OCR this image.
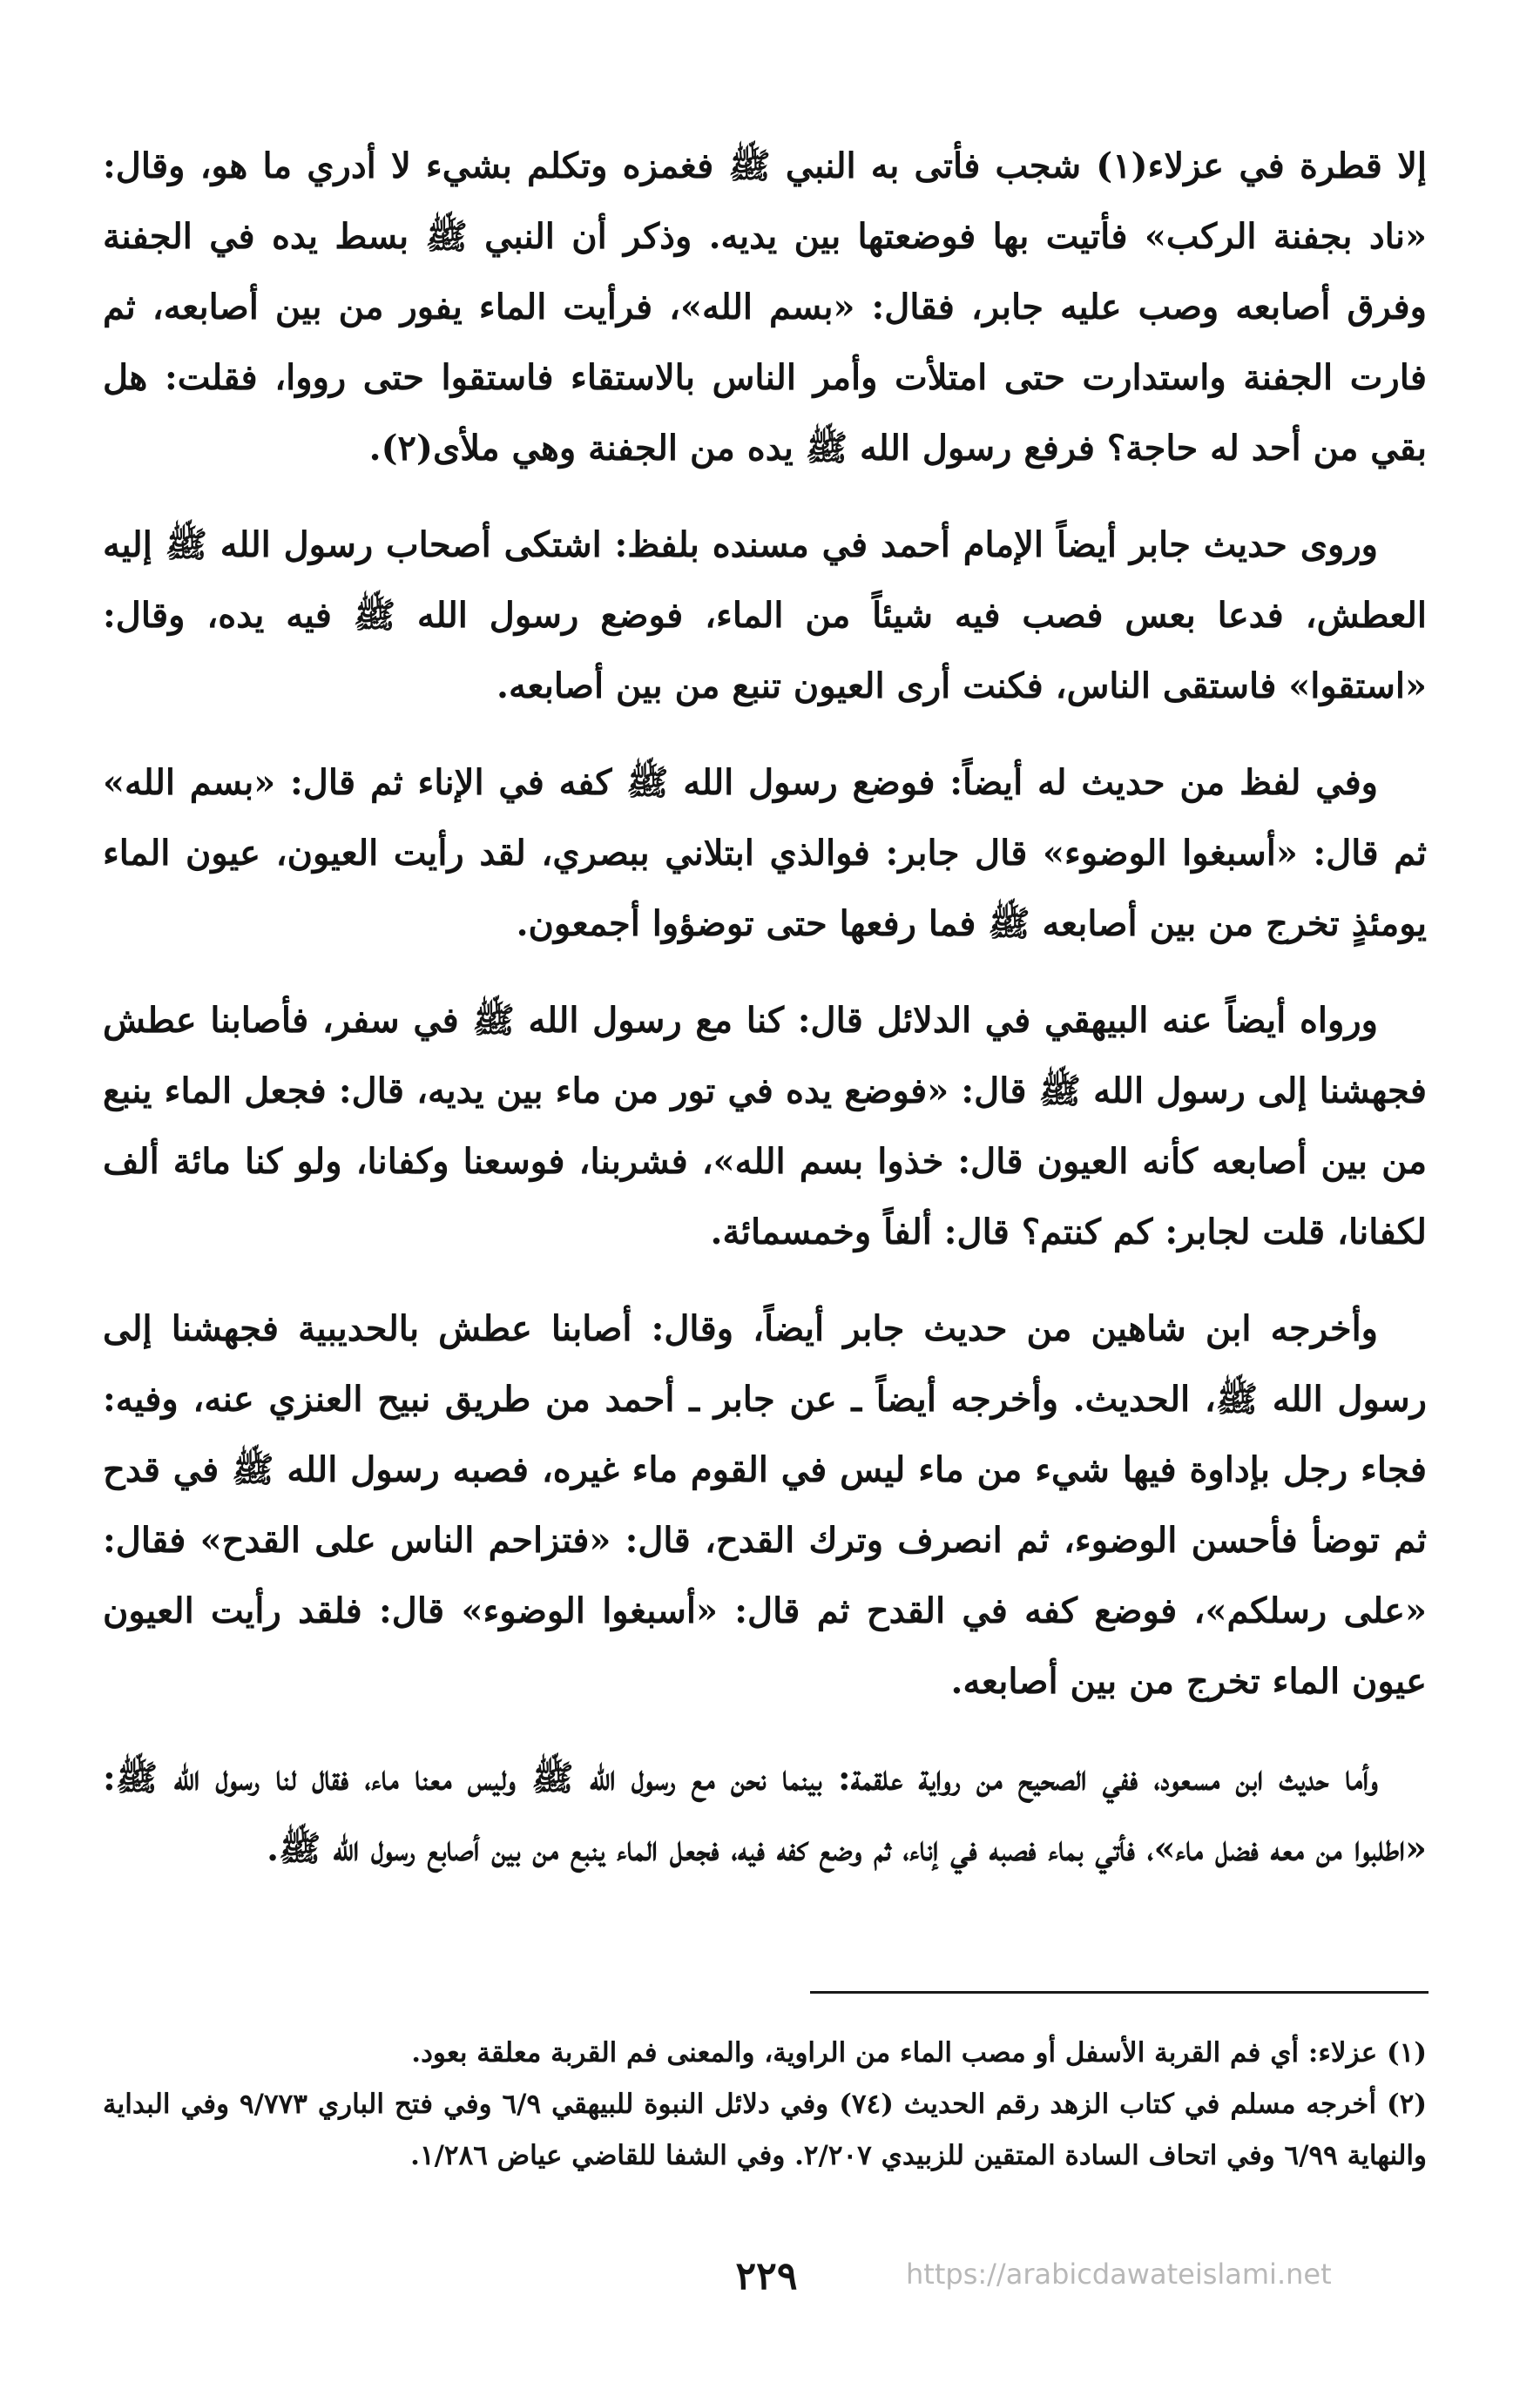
إلا قطرة في عزلاء(١) شجب فأتى به النبي ﷺ فغمزه وتكلم بشيء لا أدري ما هو، وقال: «ناد بجفنة الركب» فأتيت بها فوضعتها بين يديه. وذكر أن النبي ﷺ بسط يده في الجفنة وفرق أصابعه وصب عليه جابر، فقال: «بسم الله»، فرأيت الماء يفور من بين أصابعه، ثم فارت الجفنة واستدارت حتى امتلأت وأمر الناس بالاستقاء فاستقوا حتى رووا، فقلت: هل بقي من أحد له حاجة؟ فرفع رسول الله ﷺ يده من الجفنة وهي ملأى(٢).

وروى حديث جابر أيضاً الإمام أحمد في مسنده بلفظ: اشتكى أصحاب رسول الله ﷺ إليه العطش، فدعا بعس فصب فيه شيئاً من الماء، فوضع رسول الله ﷺ فيه يده، وقال: «استقوا» فاستقى الناس، فكنت أرى العيون تنبع من بين أصابعه.

وفي لفظ من حديث له أيضاً: فوضع رسول الله ﷺ كفه في الإناء ثم قال: «بسم الله» ثم قال: «أسبغوا الوضوء» قال جابر: فوالذي ابتلاني ببصري، لقد رأيت العيون، عيون الماء يومئذٍ تخرج من بين أصابعه ﷺ فما رفعها حتى توضؤوا أجمعون.

ورواه أيضاً عنه البيهقي في الدلائل قال: كنا مع رسول الله ﷺ في سفر، فأصابنا عطش فجهشنا إلى رسول الله ﷺ قال: «فوضع يده في تور من ماء بين يديه، قال: فجعل الماء ينبع من بين أصابعه كأنه العيون قال: خذوا بسم الله»، فشربنا، فوسعنا وكفانا، ولو كنا مائة ألف لكفانا، قلت لجابر: كم كنتم؟ قال: ألفاً وخمسمائة.

وأخرجه ابن شاهين من حديث جابر أيضاً، وقال: أصابنا عطش بالحديبية فجهشنا إلى رسول الله ﷺ، الحديث. وأخرجه أيضاً ـ عن جابر ـ أحمد من طريق نبيح العنزي عنه، وفيه: فجاء رجل بإداوة فيها شيء من ماء ليس في القوم ماء غيره، فصبه رسول الله ﷺ في قدح ثم توضأ فأحسن الوضوء، ثم انصرف وترك القدح، قال: «فتزاحم الناس على القدح» فقال: «على رسلكم»، فوضع كفه في القدح ثم قال: «أسبغوا الوضوء» قال: فلقد رأيت العيون عيون الماء تخرج من بين أصابعه.

وأما حديث ابن مسعود، ففي الصحيح من رواية علقمة: بينما نحن مع رسول الله ﷺ وليس معنا ماء، فقال لنا رسول الله ﷺ: «اطلبوا من معه فضل ماء»، فأتي بماء فصبه في إناء، ثم وضع كفه فيه، فجعل الماء ينبع من بين أصابع رسول الله ﷺ.

(١) عزلاء: أي فم القربة الأسفل أو مصب الماء من الراوية، والمعنى فم القربة معلقة بعود.

(٢) أخرجه مسلم في كتاب الزهد رقم الحديث (٧٤) وفي دلائل النبوة للبيهقي ٦/٩ وفي فتح الباري ٩/٧٧٣ وفي البداية والنهاية ٦/٩٩ وفي اتحاف السادة المتقين للزبيدي ٢/٢٠٧. وفي الشفا للقاضي عياض ١/٢٨٦.

٢٢٩	https://arabicdawateislami.net
